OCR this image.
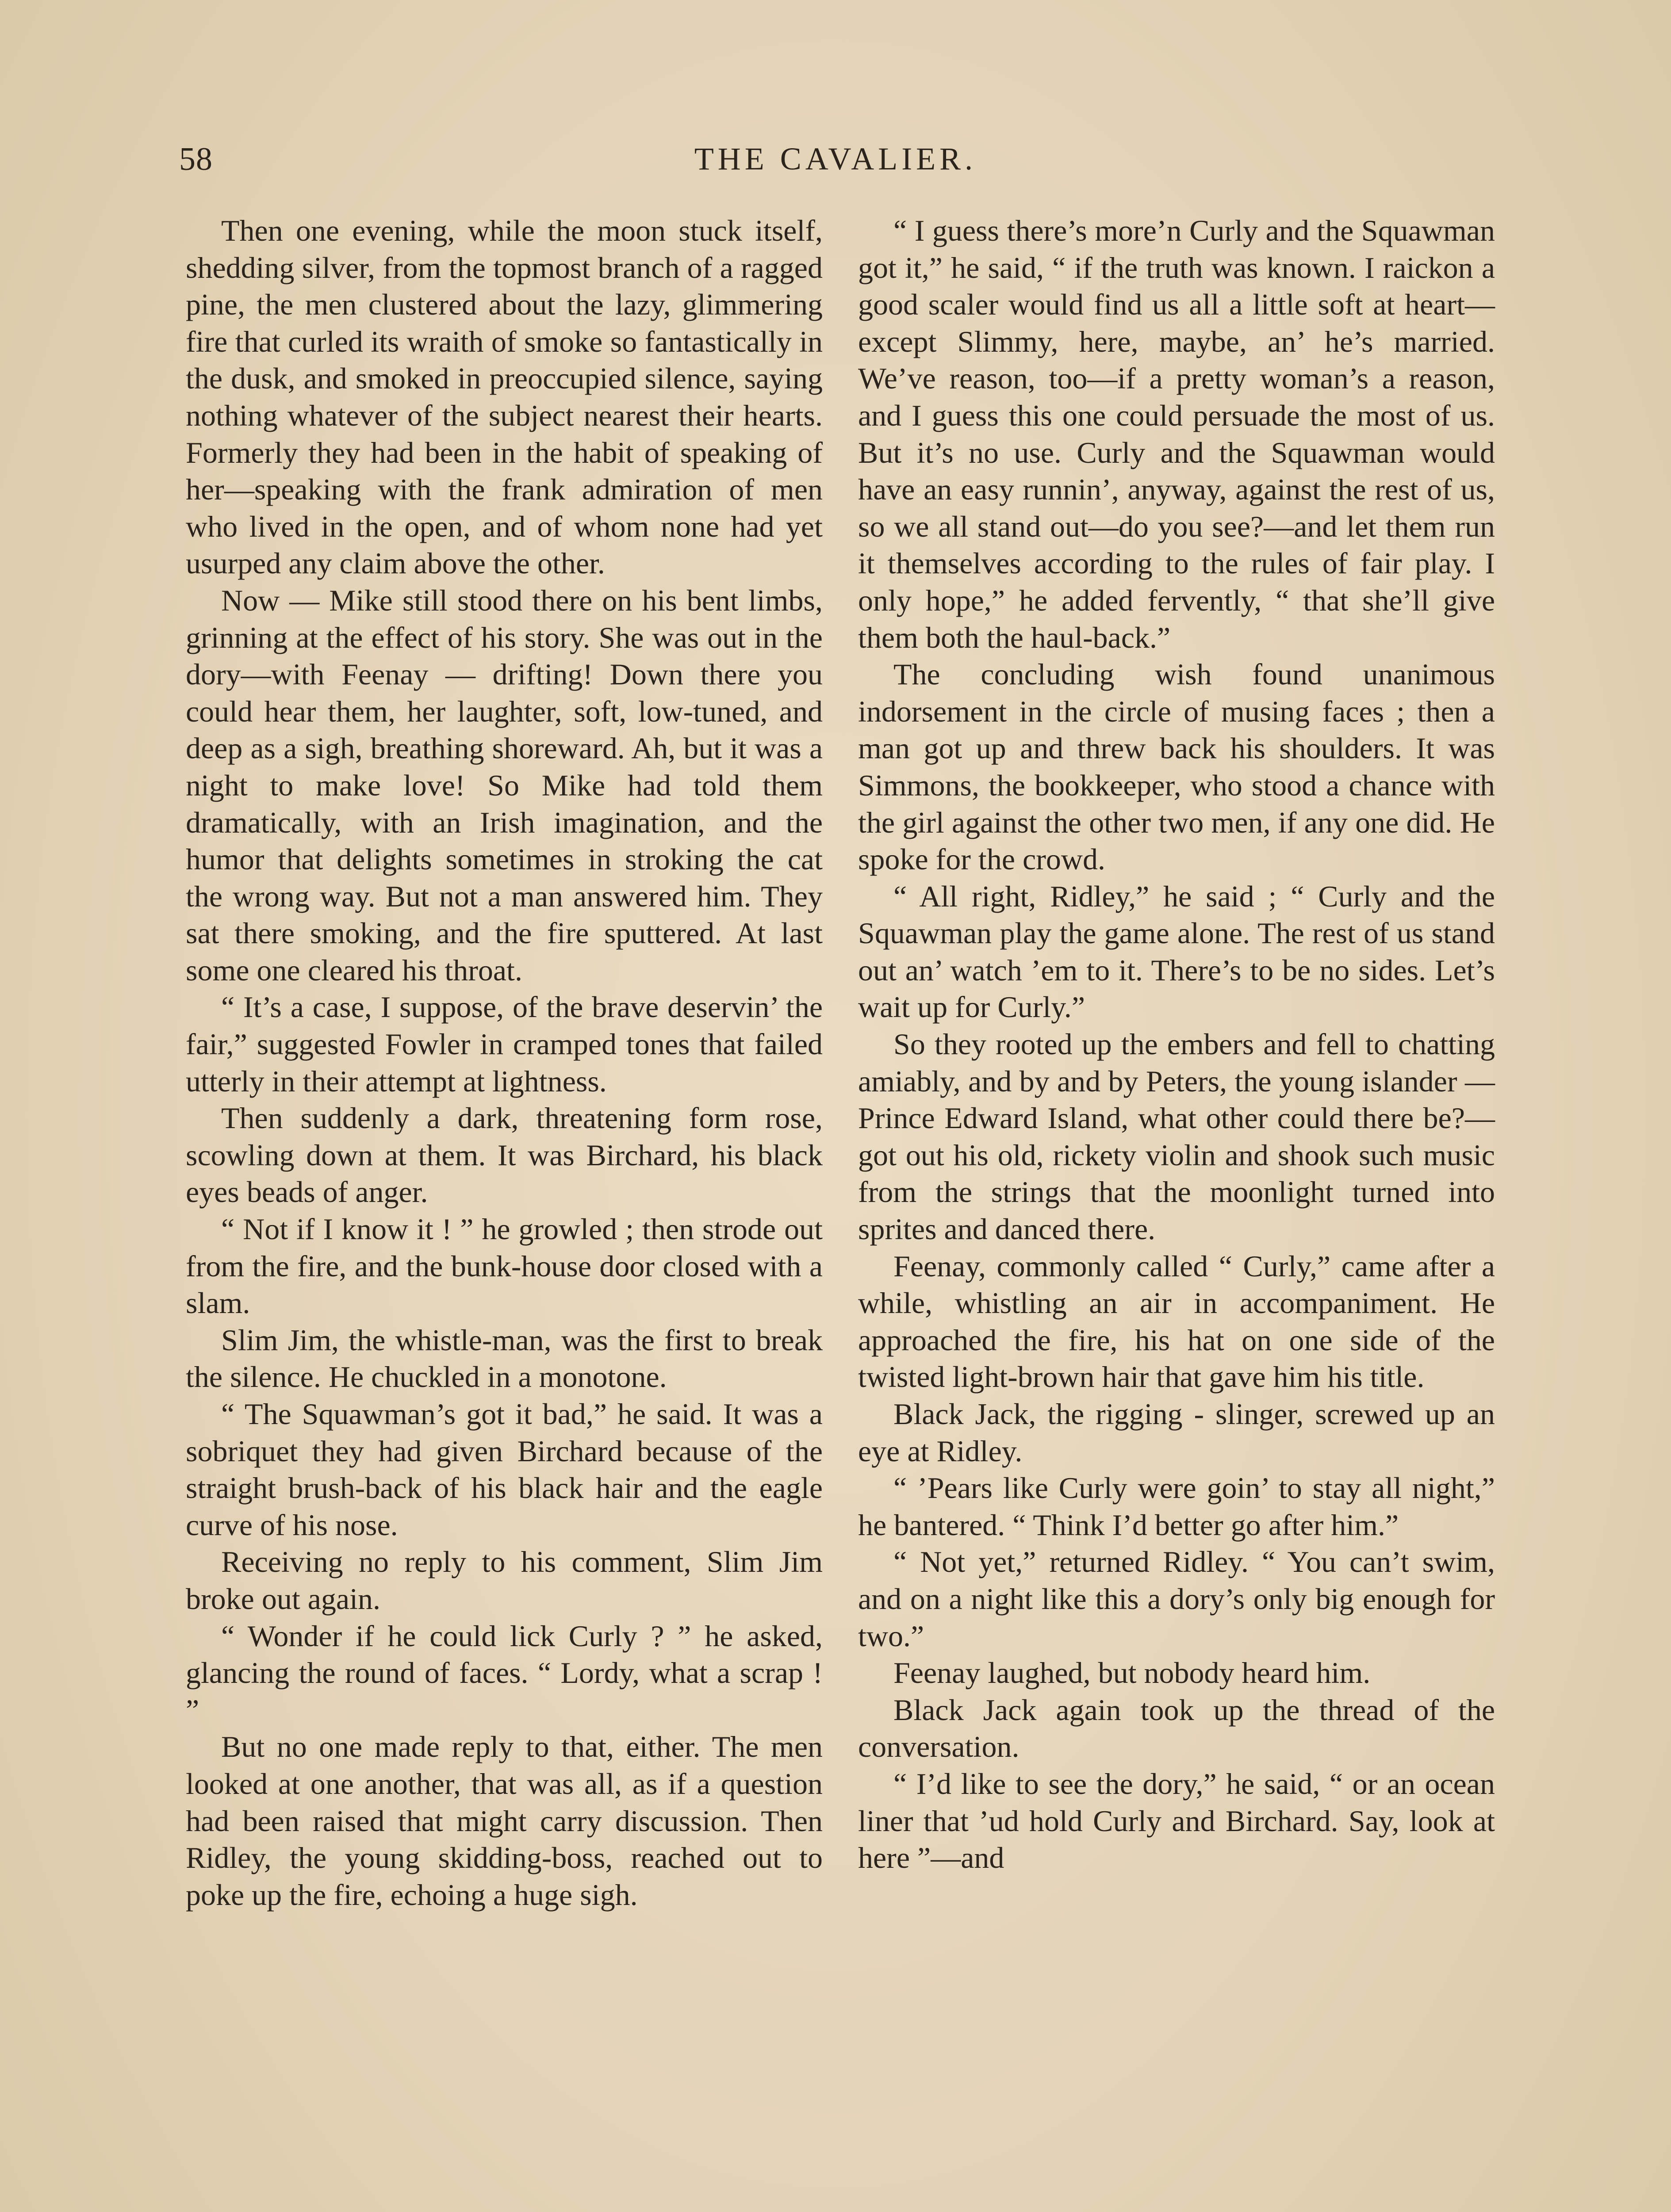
58	THE CAVALIER.

Then one evening, while the moon stuck itself, shedding silver, from the topmost branch of a ragged pine, the men clustered about the lazy, glimmering fire that curled its wraith of smoke so fantastically in the dusk, and smoked in preoccupied silence, saying nothing whatever of the subject nearest their hearts. Formerly they had been in the habit of speaking of her—speaking with the frank admiration of men who lived in the open, and of whom none had yet usurped any claim above the other.

Now — Mike still stood there on his bent limbs, grinning at the effect of his story. She was out in the dory—with Feenay — drifting! Down there you could hear them, her laughter, soft, low-tuned, and deep as a sigh, breathing shoreward. Ah, but it was a night to make love! So Mike had told them dramatically, with an Irish imagination, and the humor that delights sometimes in stroking the cat the wrong way. But not a man answered him. They sat there smoking, and the fire sputtered. At last some one cleared his throat.

“ It’s a case, I suppose, of the brave deservin’ the fair,” suggested Fowler in cramped tones that failed utterly in their attempt at lightness.

Then suddenly a dark, threatening form rose, scowling down at them. It was Birchard, his black eyes beads of anger.

“ Not if I know it ! ” he growled ; then strode out from the fire, and the bunk-house door closed with a slam.

Slim Jim, the whistle-man, was the first to break the silence. He chuckled in a monotone.

“ The Squawman’s got it bad,” he said. It was a sobriquet they had given Birchard because of the straight brush-back of his black hair and the eagle curve of his nose.

Receiving no reply to his comment, Slim Jim broke out again.

“ Wonder if he could lick Curly ? ” he asked, glancing the round of faces. “ Lordy, what a scrap ! ”

But no one made reply to that, either. The men looked at one another, that was all, as if a question had been raised that might carry discussion. Then Ridley, the young skidding-boss, reached out to poke up the fire, echoing a huge sigh.

“ I guess there’s more’n Curly and the Squawman got it,” he said, “ if the truth was known. I raickon a good scaler would find us all a little soft at heart—except Slimmy, here, maybe, an’ he’s married. We’ve reason, too—if a pretty woman’s a reason, and I guess this one could persuade the most of us. But it’s no use. Curly and the Squawman would have an easy runnin’, anyway, against the rest of us, so we all stand out—do you see?—and let them run it themselves according to the rules of fair play. I only hope,” he added fervently, “ that she’ll give them both the haul-back.”

The concluding wish found unanimous indorsement in the circle of musing faces ; then a man got up and threw back his shoulders. It was Simmons, the bookkeeper, who stood a chance with the girl against the other two men, if any one did. He spoke for the crowd.

“ All right, Ridley,” he said ; “ Curly and the Squawman play the game alone. The rest of us stand out an’ watch ’em to it. There’s to be no sides. Let’s wait up for Curly.”

So they rooted up the embers and fell to chatting amiably, and by and by Peters, the young islander — Prince Edward Island, what other could there be?—got out his old, rickety violin and shook such music from the strings that the moonlight turned into sprites and danced there.

Feenay, commonly called “ Curly,” came after a while, whistling an air in accompaniment. He approached the fire, his hat on one side of the twisted light-brown hair that gave him his title.

Black Jack, the rigging - slinger, screwed up an eye at Ridley.

“ ’Pears like Curly were goin’ to stay all night,” he bantered. “ Think I’d better go after him.”

“ Not yet,” returned Ridley. “ You can’t swim, and on a night like this a dory’s only big enough for two.”

Feenay laughed, but nobody heard him.

Black Jack again took up the thread of the conversation.

“ I’d like to see the dory,” he said, “ or an ocean liner that ’ud hold Curly and Birchard. Say, look at here ”—and
